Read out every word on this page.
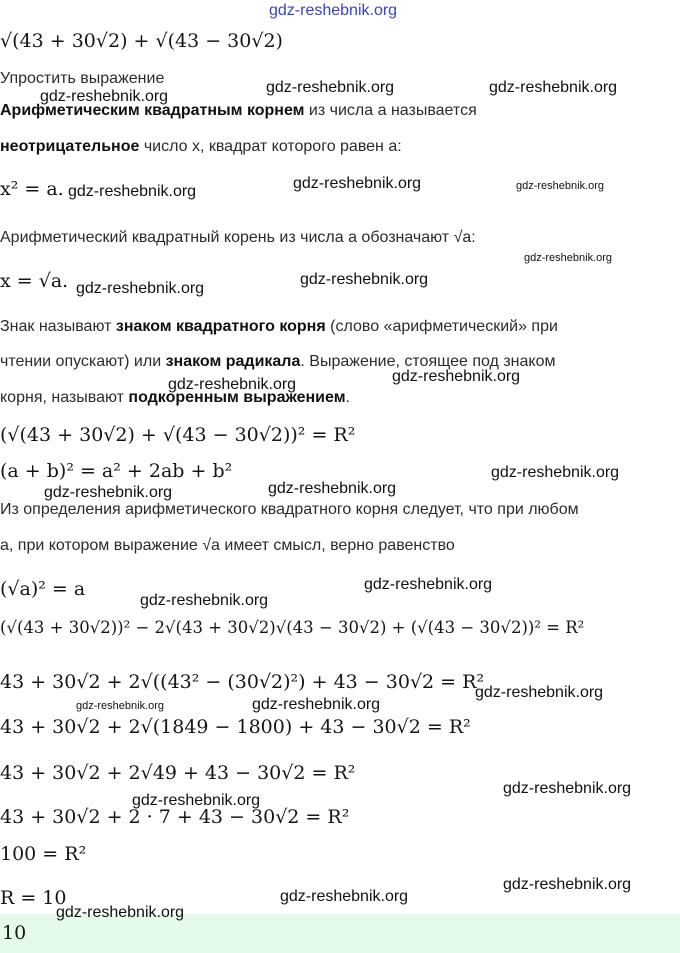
√(43 + 30√2) + √(43 − 30√2)
Упростить выражение
Арифметическим квадратным корнем из числа a называется
неотрицательное число x, квадрат которого равен a:
x² = a.
Арифметический квадратный корень из числа a обозначают √a:
x = √a.
Знак называют знаком квадратного корня (слово «арифметический» при
чтении опускают) или знаком радикала. Выражение, стоящее под знаком
корня, называют подкоренным выражением.
(√(43 + 30√2) + √(43 − 30√2))² = R²
(a + b)² = a² + 2ab + b²
Из определения арифметического квадратного корня следует, что при любом
a, при котором выражение √a имеет смысл, верно равенство
(√a)² = a
(√(43 + 30√2))² − 2√(43 + 30√2)√(43 − 30√2) + (√(43 − 30√2))² = R²
43 + 30√2 + 2√((43² − (30√2)²) + 43 − 30√2 = R²
43 + 30√2 + 2√(1849 − 1800) + 43 − 30√2 = R²
43 + 30√2 + 2√49 + 43 − 30√2 = R²
43 + 30√2 + 2 · 7 + 43 − 30√2 = R²
100 = R²
R = 10
10
gdz-reshebnik.org
gdz-reshebnik.org	gdz-reshebnik.org
gdz-reshebnik.org
gdz-reshebnik.org	gdz-reshebnik.org	gdz-reshebnik.org
gdz-reshebnik.org
gdz-reshebnik.org
gdz-reshebnik.org
gdz-reshebnik.org
gdz-reshebnik.org
gdz-reshebnik.org
gdz-reshebnik.org
gdz-reshebnik.org
gdz-reshebnik.org
gdz-reshebnik.org
gdz-reshebnik.org
gdz-reshebnik.org	gdz-reshebnik.org
gdz-reshebnik.org
gdz-reshebnik.org
gdz-reshebnik.org
gdz-reshebnik.org
gdz-reshebnik.org
